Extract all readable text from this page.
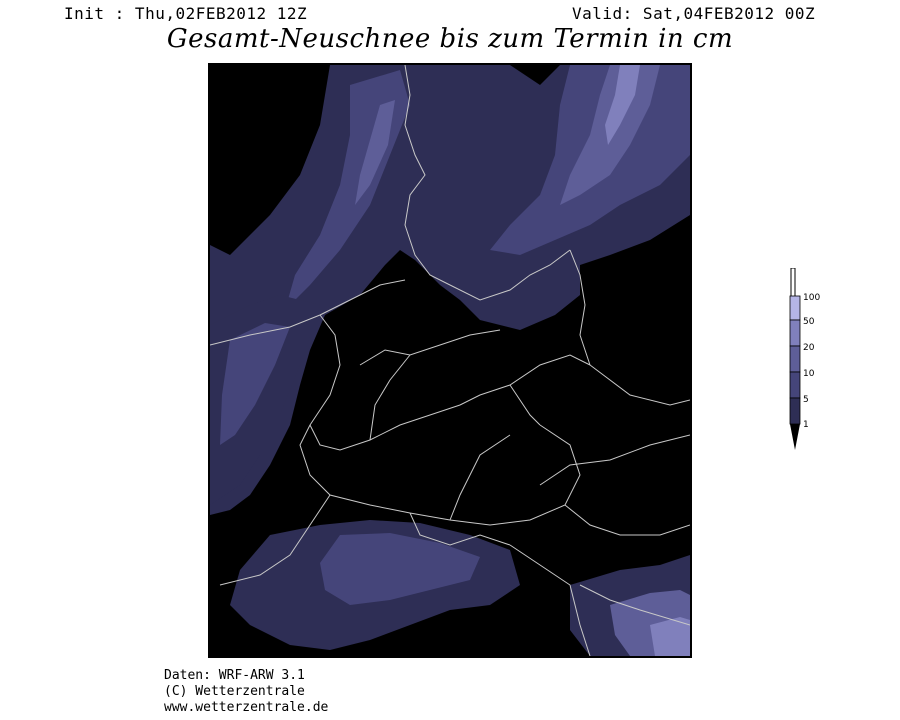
Init : Thu,02FEB2012 12Z	Valid: Sat,04FEB2012 00Z
Gesamt-Neuschnee bis zum Termin in cm
100
50
20
10
5
1
Daten: WRF-ARW 3.1
(C) Wetterzentrale
www.wetterzentrale.de
